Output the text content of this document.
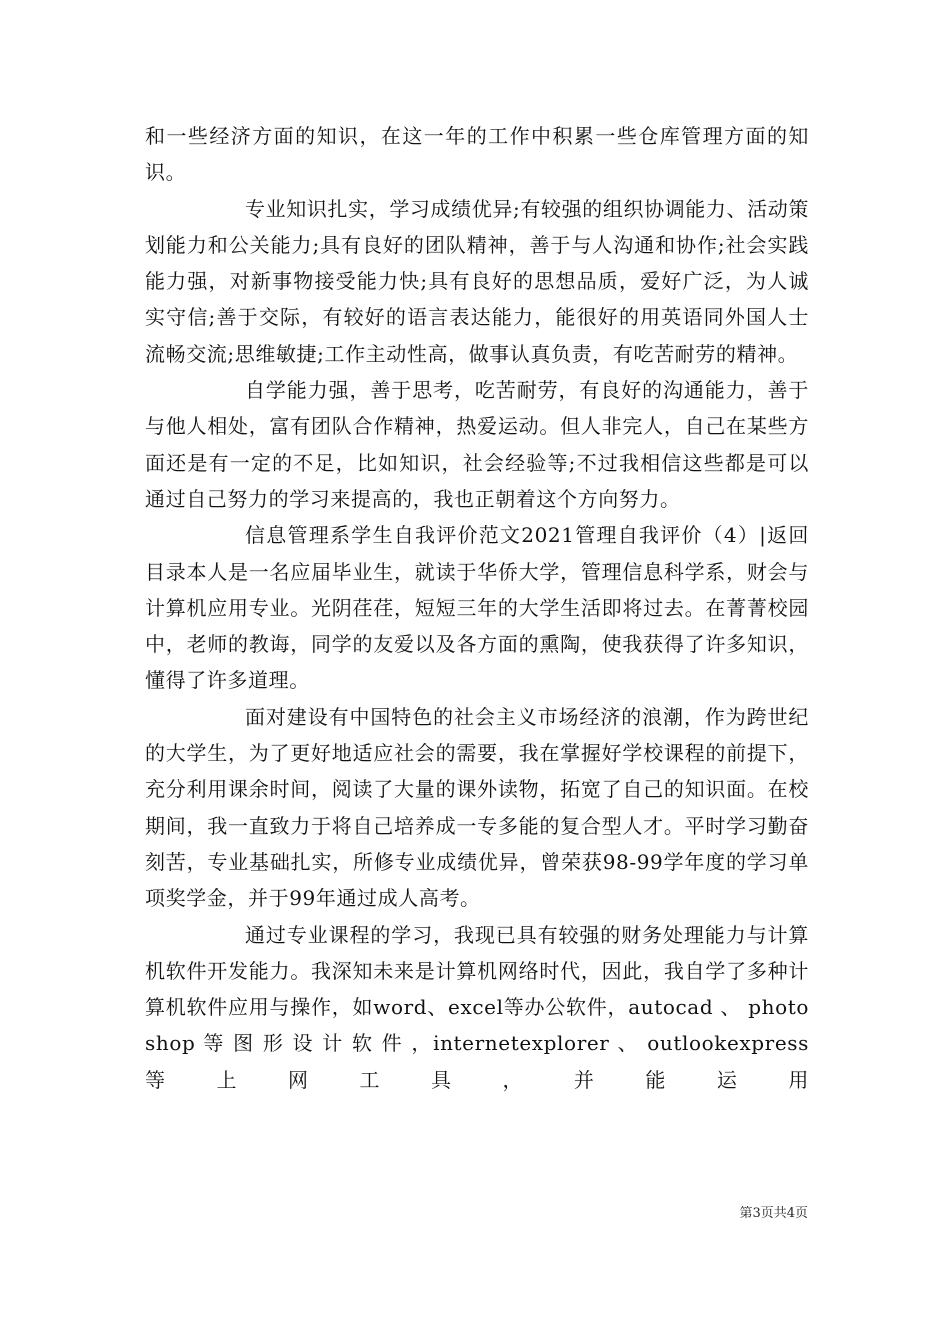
和一些经济方面的知识，在这一年的工作中积累一些仓库管理方面的知识。

专业知识扎实，学习成绩优异;有较强的组织协调能力、活动策划能力和公关能力;具有良好的团队精神，善于与人沟通和协作;社会实践能力强，对新事物接受能力快;具有良好的思想品质，爱好广泛，为人诚实守信;善于交际，有较好的语言表达能力，能很好的用英语同外国人士流畅交流;思维敏捷;工作主动性高，做事认真负责，有吃苦耐劳的精神。

自学能力强，善于思考，吃苦耐劳，有良好的沟通能力，善于与他人相处，富有团队合作精神，热爱运动。但人非完人，自己在某些方面还是有一定的不足，比如知识，社会经验等;不过我相信这些都是可以通过自己努力的学习来提高的，我也正朝着这个方向努力。

信息管理系学生自我评价范文2021管理自我评价（4）|返回目录本人是一名应届毕业生，就读于华侨大学，管理信息科学系，财会与计算机应用专业。光阴荏荏，短短三年的大学生活即将过去。在菁菁校园中，老师的教诲，同学的友爱以及各方面的熏陶，使我获得了许多知识，懂得了许多道理。

面对建设有中国特色的社会主义市场经济的浪潮，作为跨世纪的大学生，为了更好地适应社会的需要，我在掌握好学校课程的前提下，充分利用课余时间，阅读了大量的课外读物，拓宽了自己的知识面。在校期间，我一直致力于将自己培养成一专多能的复合型人才。平时学习勤奋刻苦，专业基础扎实，所修专业成绩优异，曾荣获98-99学年度的学习单项奖学金，并于99年通过成人高考。

通过专业课程的学习，我现已具有较强的财务处理能力与计算机软件开发能力。我深知未来是计算机网络时代，因此，我自学了多种计算机软件应用与操作，如word、excel等办公软件，autocad 、 photoshop 等 图 形 设 计 软 件 ，internetexplorer 、 outlookexpress 等 上 网 工 具 ， 并 能 运 用

第3页共4页
